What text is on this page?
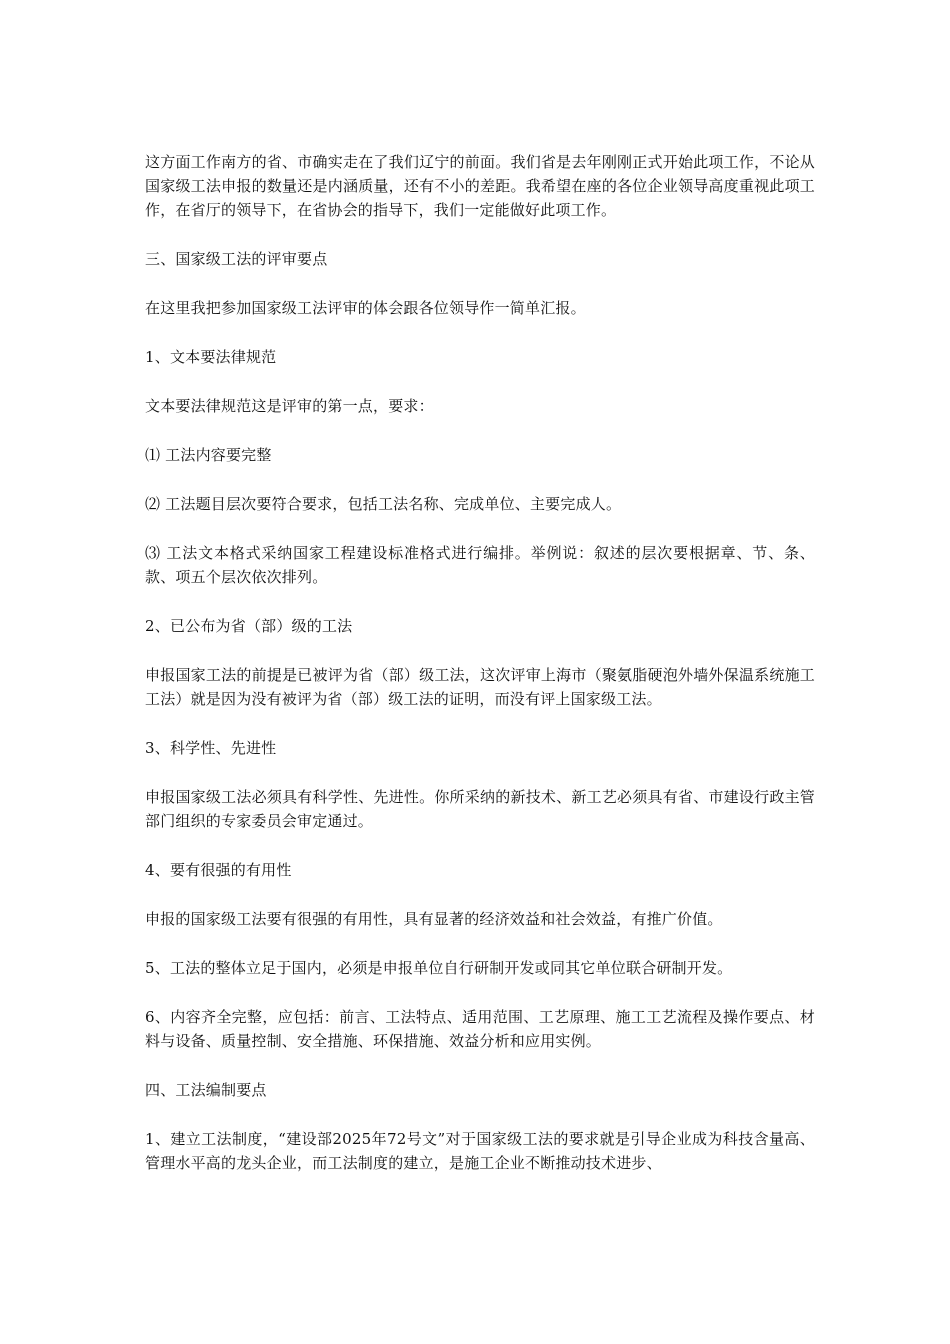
这方面工作南方的省、市确实走在了我们辽宁的前面。我们省是去年刚刚正式开始此项工作，不论从国家级工法申报的数量还是内涵质量，还有不小的差距。我希望在座的各位企业领导高度重视此项工作，在省厅的领导下，在省协会的指导下，我们一定能做好此项工作。

三、国家级工法的评审要点

在这里我把参加国家级工法评审的体会跟各位领导作一简单汇报。

1、文本要法律规范

文本要法律规范这是评审的第一点，要求：

⑴ 工法内容要完整

⑵ 工法题目层次要符合要求，包括工法名称、完成单位、主要完成人。

⑶ 工法文本格式采纳国家工程建设标准格式进行编排。举例说：叙述的层次要根据章、节、条、款、项五个层次依次排列。

2、已公布为省（部）级的工法

申报国家工法的前提是已被评为省（部）级工法，这次评审上海市（聚氨脂硬泡外墙外保温系统施工工法）就是因为没有被评为省（部）级工法的证明，而没有评上国家级工法。

3、科学性、先进性

申报国家级工法必须具有科学性、先进性。你所采纳的新技术、新工艺必须具有省、市建设行政主管部门组织的专家委员会审定通过。

4、要有很强的有用性

申报的国家级工法要有很强的有用性，具有显著的经济效益和社会效益，有推广价值。

5、工法的整体立足于国内，必须是申报单位自行研制开发或同其它单位联合研制开发。

6、内容齐全完整，应包括：前言、工法特点、适用范围、工艺原理、施工工艺流程及操作要点、材料与设备、质量控制、安全措施、环保措施、效益分析和应用实例。

四、工法编制要点

1、建立工法制度，“建设部2025年72号文”对于国家级工法的要求就是引导企业成为科技含量高、管理水平高的龙头企业，而工法制度的建立，是施工企业不断推动技术进步、
